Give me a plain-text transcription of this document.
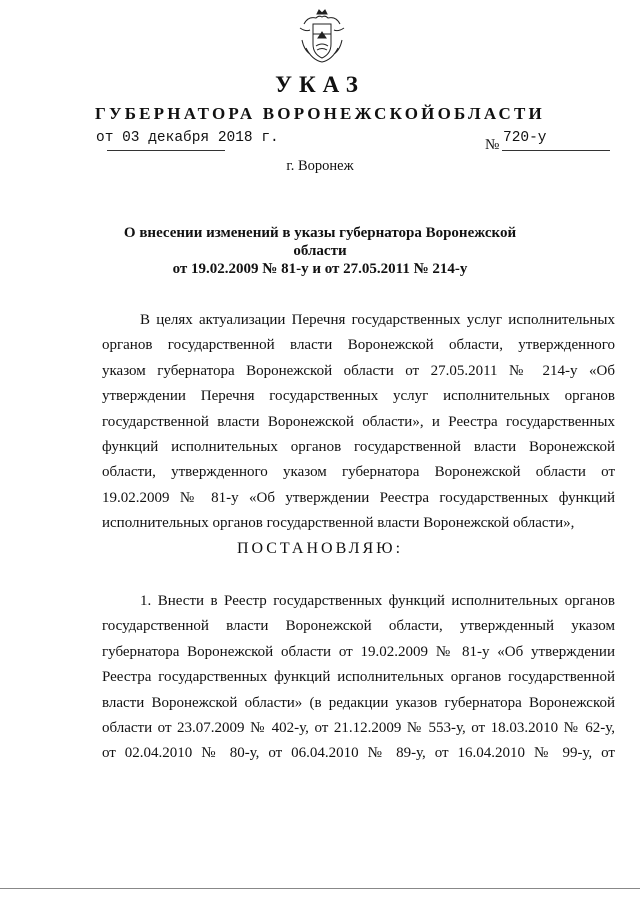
УКАЗ
ГУБЕРНАТОРА ВОРОНЕЖСКОЙОБЛАСТИ
от 03 декабря 2018 г.	№ 720-у
г. Воронеж
О внесении изменений в указы губернатора Воронежской области
от 19.02.2009 № 81-у и от 27.05.2011 № 214-у
В целях актуализации Перечня государственных услуг исполнительных
органов государственной власти Воронежской области, утвержденного
указом губернатора Воронежской области от 27.05.2011 № 214-у «Об
утверждении Перечня государственных услуг исполнительных органов
государственной власти Воронежской области», и Реестра государственных
функций исполнительных органов государственной власти Воронежской
области, утвержденного указом губернатора Воронежской области от
19.02.2009 № 81-у «Об утверждении Реестра государственных функций
исполнительных органов государственной власти Воронежской области»,
ПОСТАНОВЛЯЮ:
1. Внести в Реестр государственных функций исполнительных органов
государственной власти Воронежской области, утвержденный указом
губернатора Воронежской области от 19.02.2009 № 81-у «Об утверждении
Реестра государственных функций исполнительных органов государственной
власти Воронежской области» (в редакции указов губернатора Воронежской
области от 23.07.2009 № 402-у, от 21.12.2009 № 553-у, от 18.03.2010 № 62-у,
от 02.04.2010 № 80-у, от 06.04.2010 № 89-у, от 16.04.2010 № 99-у, от
